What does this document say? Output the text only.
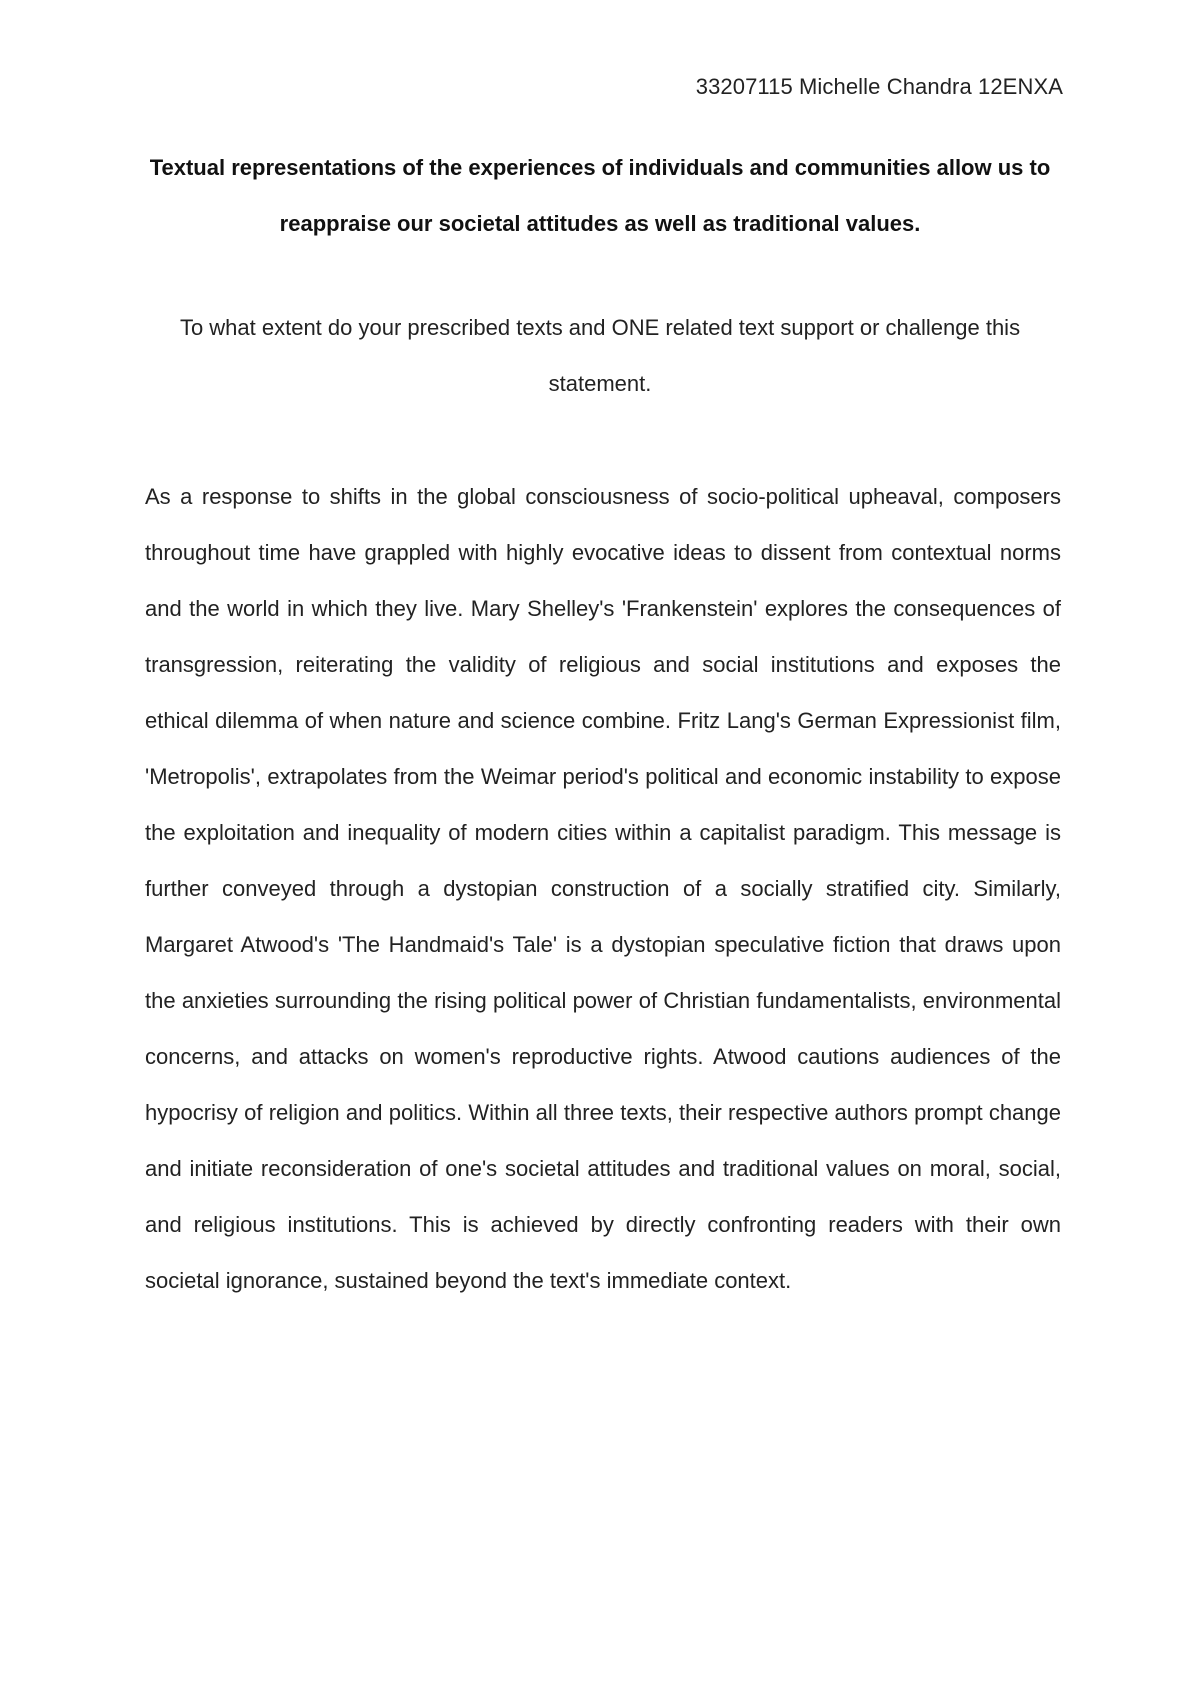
33207115 Michelle Chandra 12ENXA
Textual representations of the experiences of individuals and communities allow us to reappraise our societal attitudes as well as traditional values.
To what extent do your prescribed texts and ONE related text support or challenge this statement.

As a response to shifts in the global consciousness of socio-political upheaval, composers throughout time have grappled with highly evocative ideas to dissent from contextual norms and the world in which they live. Mary Shelley's 'Frankenstein' explores the consequences of transgression, reiterating the validity of religious and social institutions and exposes the ethical dilemma of when nature and science combine. Fritz Lang's German Expressionist film, 'Metropolis', extrapolates from the Weimar period's political and economic instability to expose the exploitation and inequality of modern cities within a capitalist paradigm. This message is further conveyed through a dystopian construction of a socially stratified city. Similarly, Margaret Atwood's 'The Handmaid's Tale' is a dystopian speculative fiction that draws upon the anxieties surrounding the rising political power of Christian fundamentalists, environmental concerns, and attacks on women's reproductive rights. Atwood cautions audiences of the hypocrisy of religion and politics. Within all three texts, their respective authors prompt change and initiate reconsideration of one's societal attitudes and traditional values on moral, social, and religious institutions. This is achieved by directly confronting readers with their own societal ignorance, sustained beyond the text's immediate context.
